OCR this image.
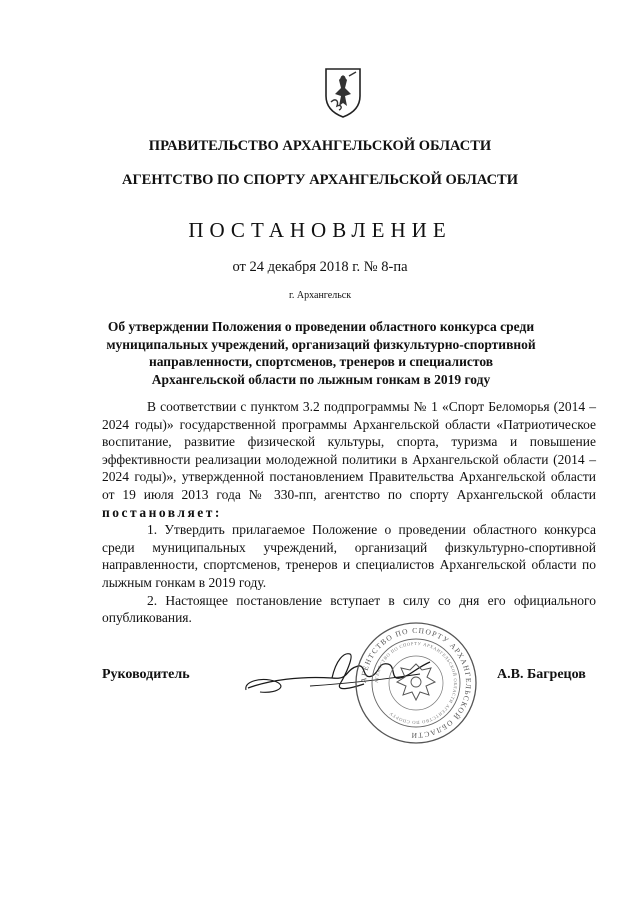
ПРАВИТЕЛЬСТВО АРХАНГЕЛЬСКОЙ ОБЛАСТИ
АГЕНТСТВО ПО СПОРТУ АРХАНГЕЛЬСКОЙ ОБЛАСТИ
ПОСТАНОВЛЕНИЕ
от 24 декабря 2018 г. № 8-па
г. Архангельск
Об утверждении Положения о проведении областного конкурса среди муниципальных учреждений, организаций физкультурно-спортивной направленности, спортсменов, тренеров и специалистов Архангельской области по лыжным гонкам в 2019 году

В соответствии с пунктом 3.2 подпрограммы № 1 «Спорт Беломорья (2014 – 2024 годы)» государственной программы Архангельской области «Патриотическое воспитание, развитие физической культуры, спорта, туризма и повышение эффективности реализации молодежной политики в Архангельской области (2014 – 2024 годы)», утвержденной постановлением Правительства Архангельской области от 19 июля 2013 года № 330-пп, агентство по спорту Архангельской области постановляет:

1. Утвердить прилагаемое Положение о проведении областного конкурса среди муниципальных учреждений, организаций физкультурно-спортивной направленности, спортсменов, тренеров и специалистов Архангельской области по лыжным гонкам в 2019 году.

2. Настоящее постановление вступает в силу со дня его официального опубликования.

Руководитель	АГЕНТСТВО ПО СПОРТУ АРХАНГЕЛЬСКОЙ ОБЛАСТИ
АГЕНТСТВО ПО СПОРТУ АРХАНГЕЛЬСКОЙ ОБЛАСТИ АГЕНТСТВО ПО СПОРТУ
А.В. Багрецов
